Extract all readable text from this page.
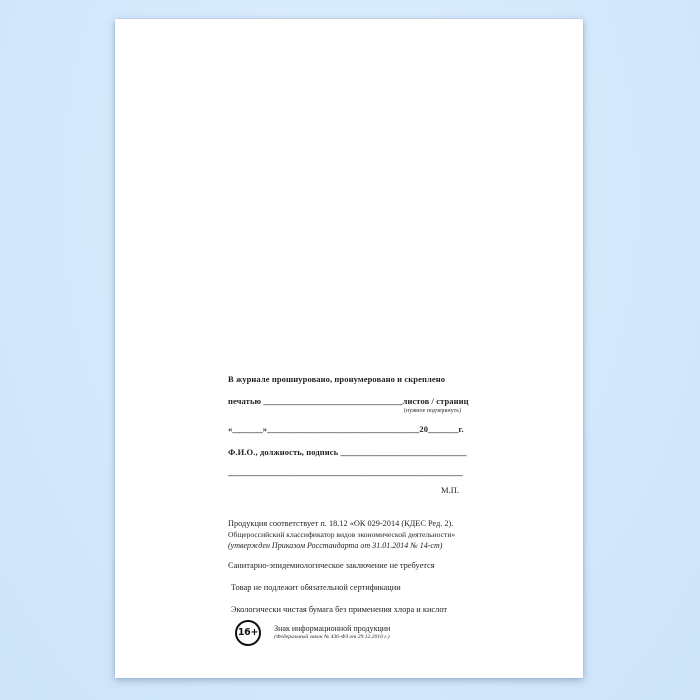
В журнале прошнуровано, пронумеровано и скреплено
печатью ________________________________листов / страниц
(нужное подчеркнуть)
«_______»___________________________________20_______г.
Ф.И.О., должность, подпись _____________________________
______________________________________________________
М.П.
Продукция соответствует п. 18.12 «ОК 029-2014 (КДЕС Ред. 2).
Общероссийский классификатор видов экономической деятельности»
(утвержден Приказом Росстандарта от 31.01.2014 № 14-ст)
Санитарно-эпидемиологическое заключение не требуется
Товар не подлежит обязательной сертификации
Экологически чистая бумага без применения хлора и кислот
16+ Знак информационной продукции
(Федеральный закон № 436-ФЗ от 29.12.2010 г.)
